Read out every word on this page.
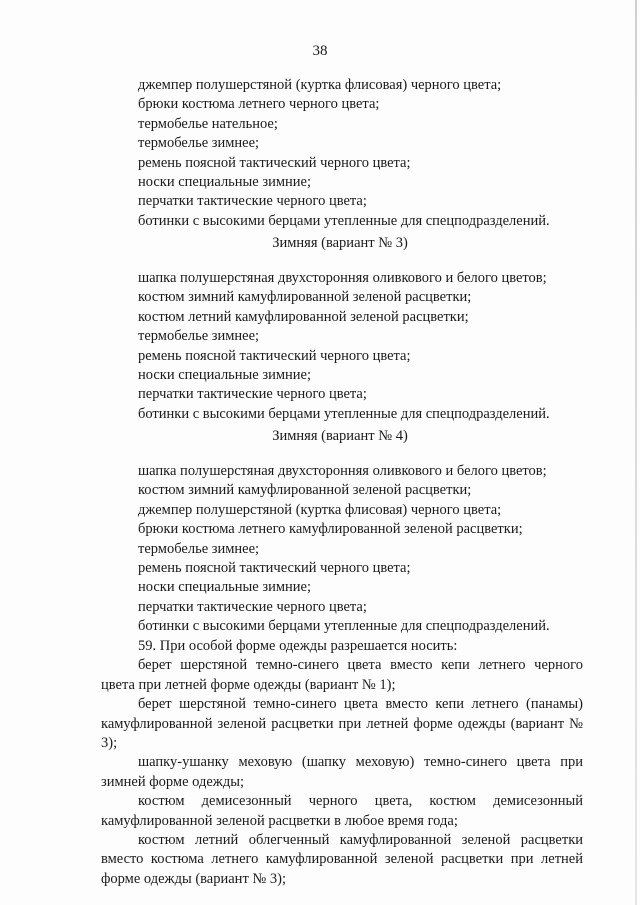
38
джемпер полушерстяной (куртка флисовая) черного цвета;
брюки костюма летнего черного цвета;
термобелье нательное;
термобелье зимнее;
ремень поясной тактический черного цвета;
носки специальные зимние;
перчатки тактические черного цвета;
ботинки с высокими берцами утепленные для спецподразделений.
Зимняя (вариант № 3)
шапка полушерстяная двухсторонняя оливкового и белого цветов;
костюм зимний камуфлированной зеленой расцветки;
костюм летний камуфлированной зеленой расцветки;
термобелье зимнее;
ремень поясной тактический черного цвета;
носки специальные зимние;
перчатки тактические черного цвета;
ботинки с высокими берцами утепленные для спецподразделений.
Зимняя (вариант № 4)
шапка полушерстяная двухсторонняя оливкового и белого цветов;
костюм зимний камуфлированной зеленой расцветки;
джемпер полушерстяной (куртка флисовая) черного цвета;
брюки костюма летнего камуфлированной зеленой расцветки;
термобелье зимнее;
ремень поясной тактический черного цвета;
носки специальные зимние;
перчатки тактические черного цвета;
ботинки с высокими берцами утепленные для спецподразделений.
59. При особой форме одежды разрешается носить:
берет шерстяной темно-синего цвета вместо кепи летнего черного цвета при летней форме одежды (вариант № 1);
берет шерстяной темно-синего цвета вместо кепи летнего (панамы) камуфлированной зеленой расцветки при летней форме одежды (вариант № 3);
шапку-ушанку меховую (шапку меховую) темно-синего цвета при зимней форме одежды;
костюм демисезонный черного цвета, костюм демисезонный камуфлированной зеленой расцветки в любое время года;
костюм летний облегченный камуфлированной зеленой расцветки вместо костюма летнего камуфлированной зеленой расцветки при летней форме одежды (вариант № 3);
